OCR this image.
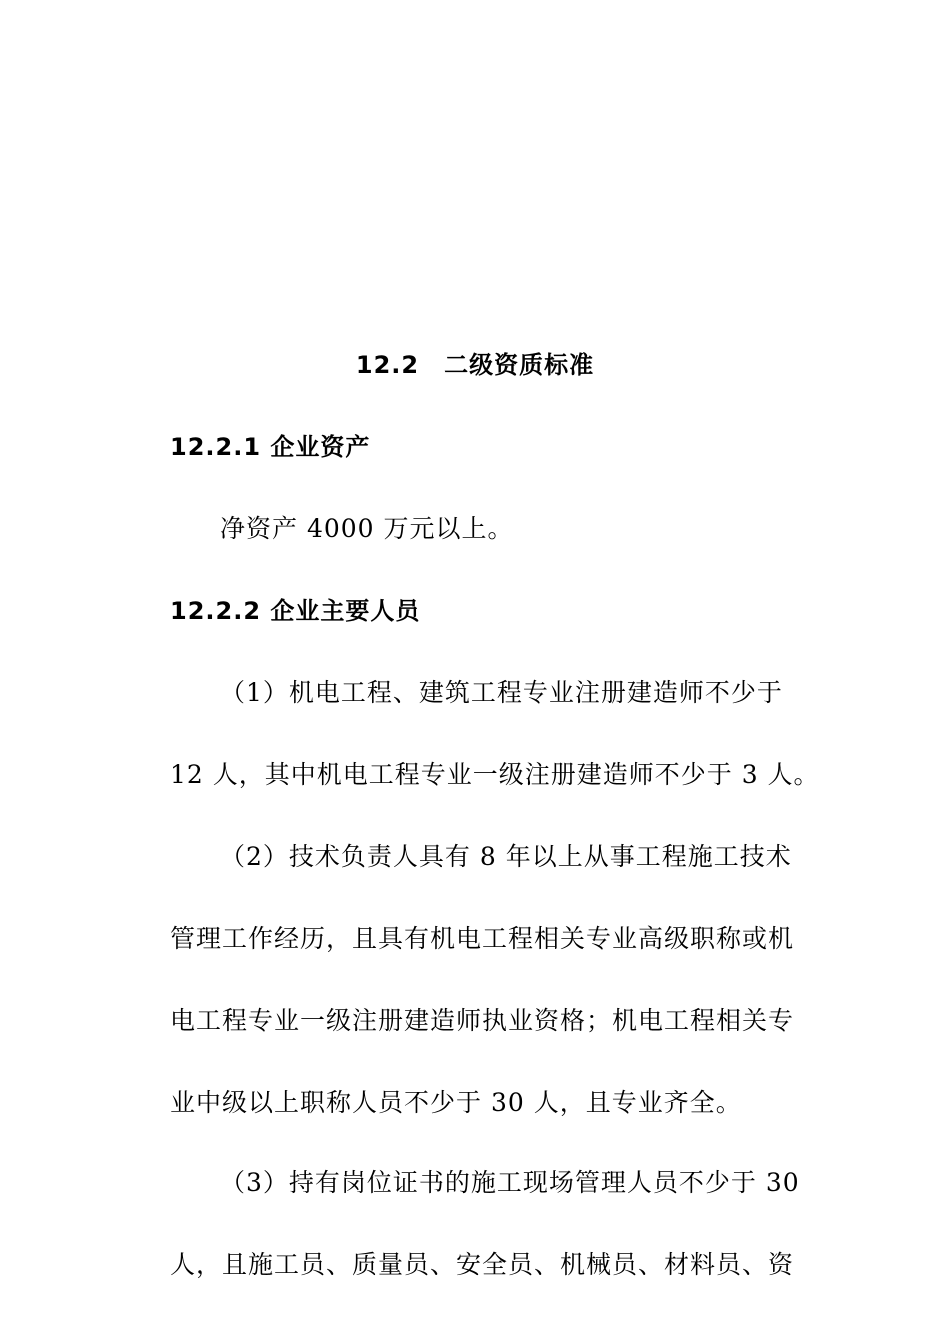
12.2　二级资质标准
12.2.1 企业资产
净资产 4000 万元以上。
12.2.2 企业主要人员
（1）机电工程、建筑工程专业注册建造师不少于
12 人，其中机电工程专业一级注册建造师不少于 3 人。
（2）技术负责人具有 8 年以上从事工程施工技术
管理工作经历，且具有机电工程相关专业高级职称或机
电工程专业一级注册建造师执业资格；机电工程相关专
业中级以上职称人员不少于 30 人，且专业齐全。
（3）持有岗位证书的施工现场管理人员不少于 30
人，且施工员、质量员、安全员、机械员、材料员、资
